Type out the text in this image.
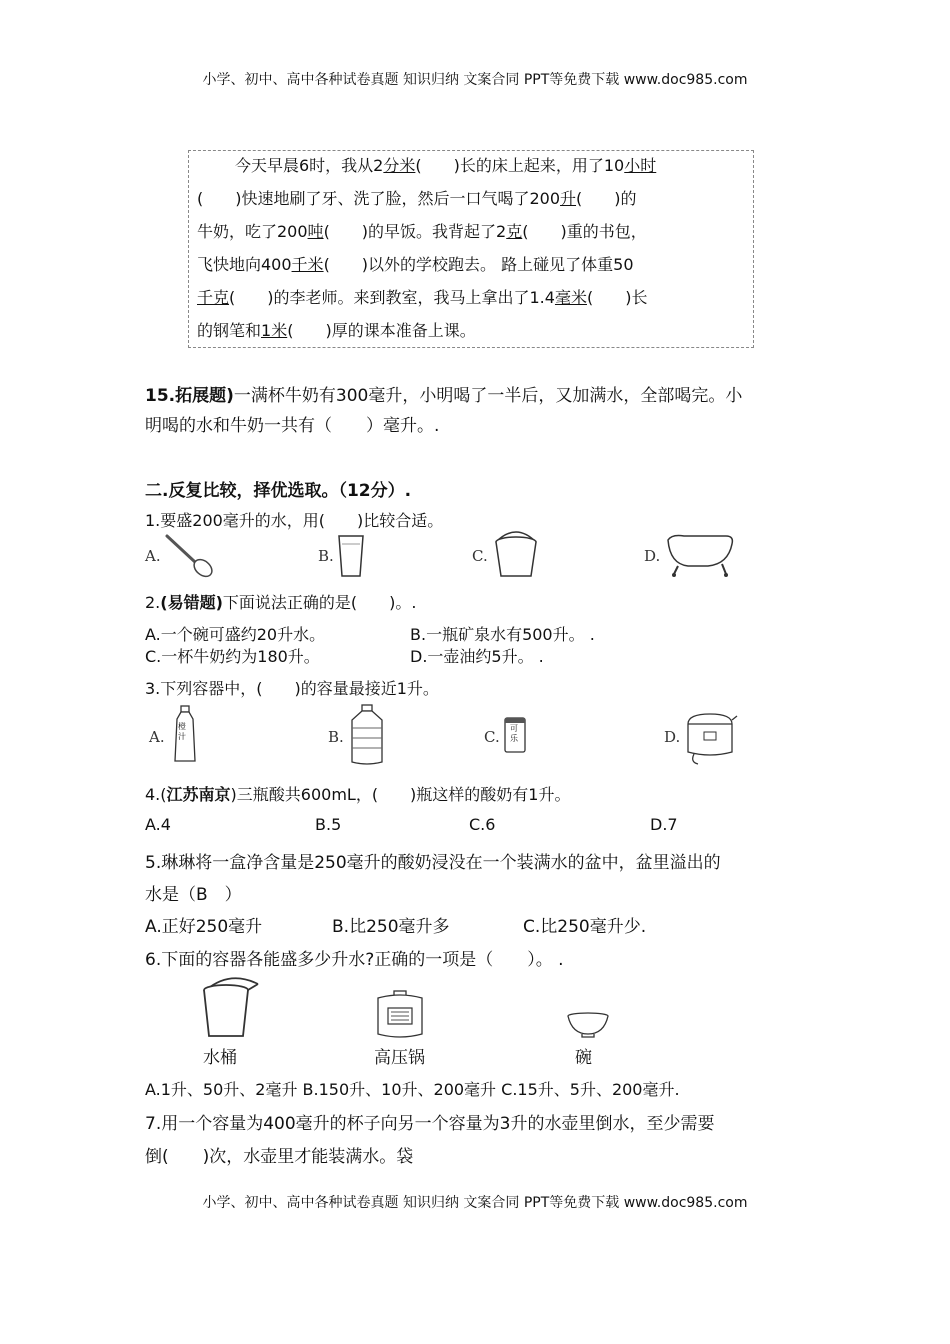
小学、初中、高中各种试卷真题 知识归纳 文案合同 PPT等免费下载 www.doc985.com
今天早晨6时，我从2分米(　　)长的床上起来，用了10小时
(　　)快速地刷了牙、洗了脸，然后一口气喝了200升(　　)的
牛奶，吃了200吨(　　)的早饭。我背起了2克(　　)重的书包，
飞快地向400千米(　　)以外的学校跑去。 路上碰见了体重50
千克(　　)的李老师。来到教室，我马上拿出了1.4毫米(　　)长
的钢笔和1米(　　)厚的课本准备上课。
15.拓展题)一满杯牛奶有300毫升，小明喝了一半后，又加满水，全部喝完。小
明喝的水和牛奶一共有（　　）毫升。.
二.反复比较，择优选取。（12分）.
1.要盛200毫升的水，用(　　)比较合适。
A.	B.	C.	D.
2.(易错题)下面说法正确的是(　　)。.
A.一个碗可盛约20升水。	B.一瓶矿泉水有500升。 .
C.一杯牛奶约为180升。	D.一壶油约5升。 .
3.下列容器中，(　　)的容量最接近1升。
A.
橙汁	B.	C. 可乐	D.
4.(江苏南京)三瓶酸共600mL，(　　)瓶这样的酸奶有1升。
A.4	B.5	C.6	D.7
5.琳琳将一盒净含量是250毫升的酸奶浸没在一个装满水的盆中，盆里溢出的
水是（B　）
A.正好250毫升	B.比250毫升多	C.比250毫升少.
6.下面的容器各能盛多少升水?正确的一项是（　　）。 .
水桶	高压锅	碗
A.1升、50升、2毫升 B.150升、10升、200毫升 C.15升、5升、200毫升.
7.用一个容量为400毫升的杯子向另一个容量为3升的水壶里倒水，至少需要
倒(　　)次，水壶里才能装满水。袋
小学、初中、高中各种试卷真题 知识归纳 文案合同 PPT等免费下载 www.doc985.com
